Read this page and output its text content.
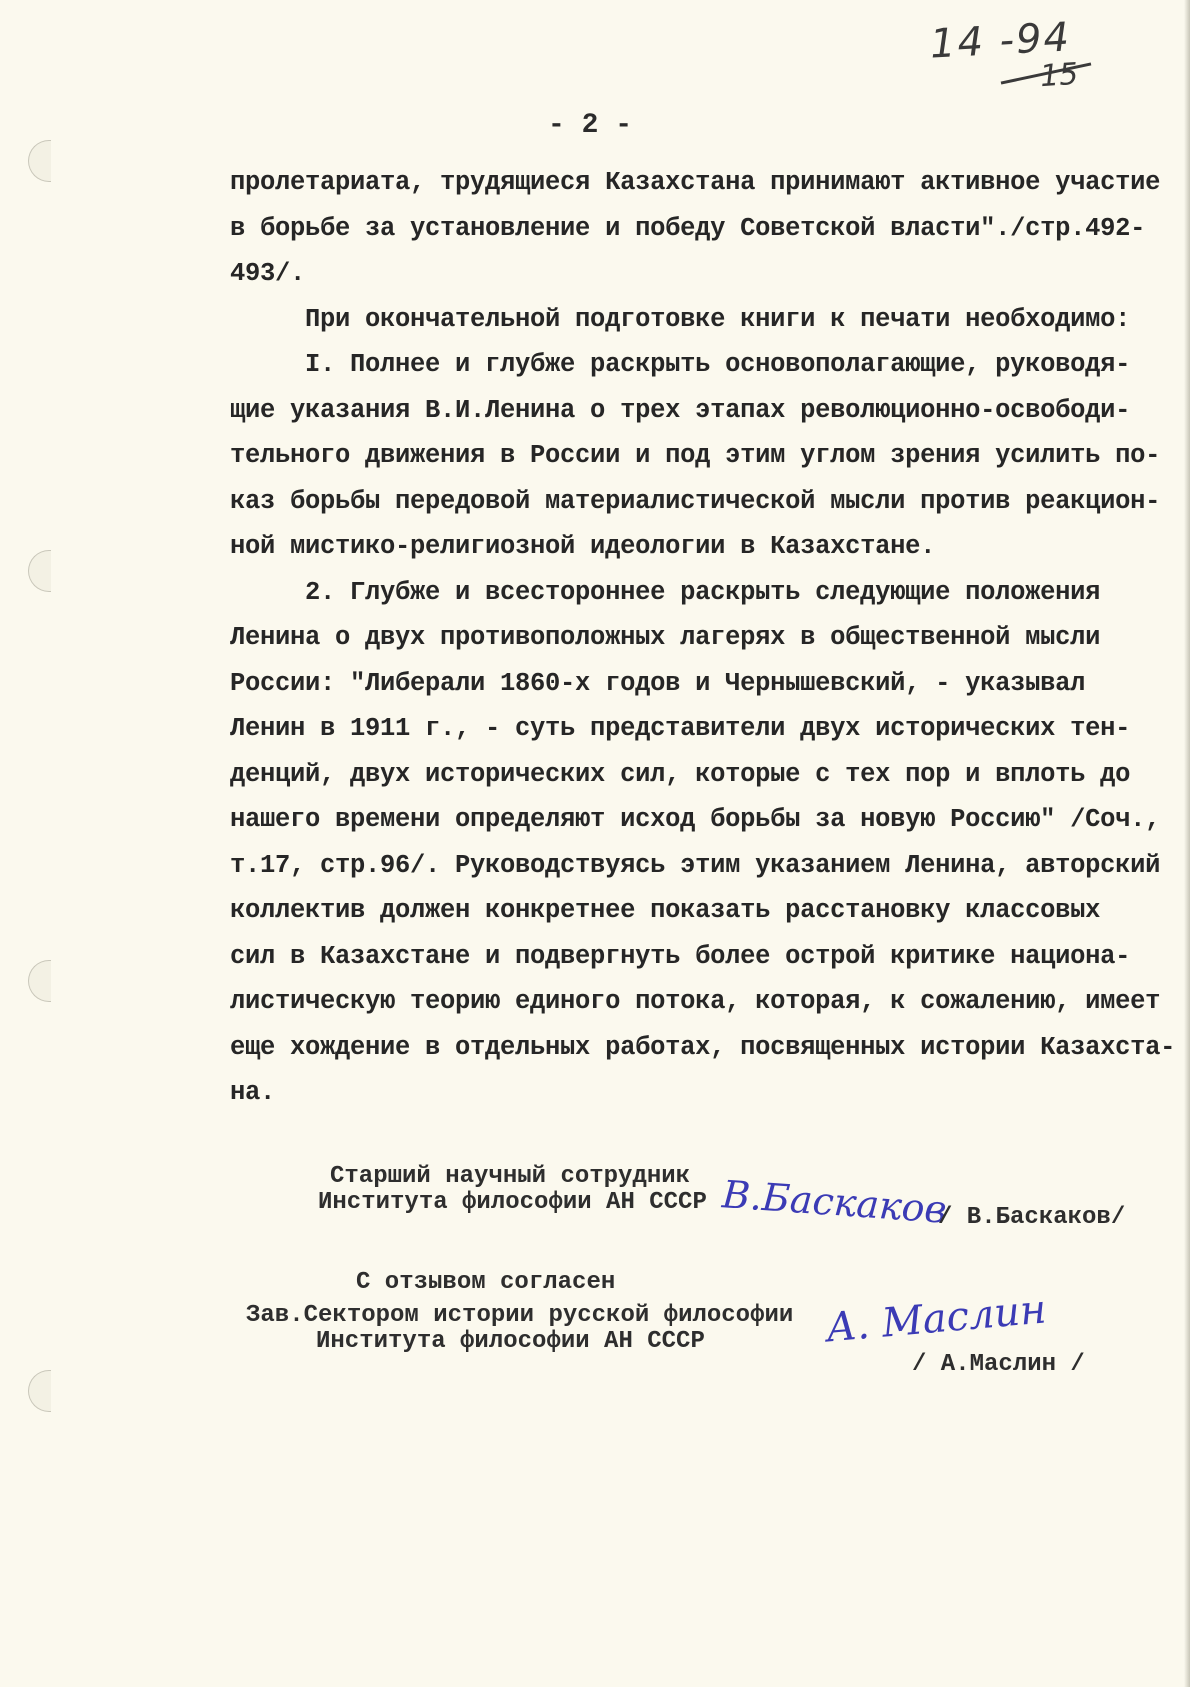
14 -94
15
- 2 -
пролетариата, трудящиеся Казахстана принимают активное участие
в борьбе за установление и победу Советской власти"./стр.492-
493/.
При окончательной подготовке книги к печати необходимо:
I. Полнее и глубже раскрыть основополагающие, руководя-
щие указания В.И.Ленина о трех этапах революционно-освободи-
тельного движения в России и под этим углом зрения усилить по-
каз борьбы передовой материалистической мысли против реакцион-
ной мистико-религиозной идеологии в Казахстане.
2. Глубже и всестороннее раскрыть следующие положения
Ленина о двух противоположных лагерях в общественной мысли
России: "Либерали 1860-х годов и Чернышевский, - указывал
Ленин в 1911 г., - суть представители двух исторических тен-
денций, двух исторических сил, которые с тех пор и вплоть до
нашего времени определяют исход борьбы за новую Россию" /Соч.,
т.17, стр.96/. Руководствуясь этим указанием Ленина, авторский
коллектив должен конкретнее показать расстановку классовых
сил в Казахстане и подвергнуть более острой критике национа-
листическую теорию единого потока, которая, к сожалению, имеет
еще хождение в отдельных работах, посвященных истории Казахста-
на.
Старший научный сотрудник
Института философии АН СССР В.Баскаков
/ В.Баскаков/
С отзывом согласен
Зав.Сектором истории русской философии
Института философии АН СССР	А. Маслин
/ А.Маслин /
